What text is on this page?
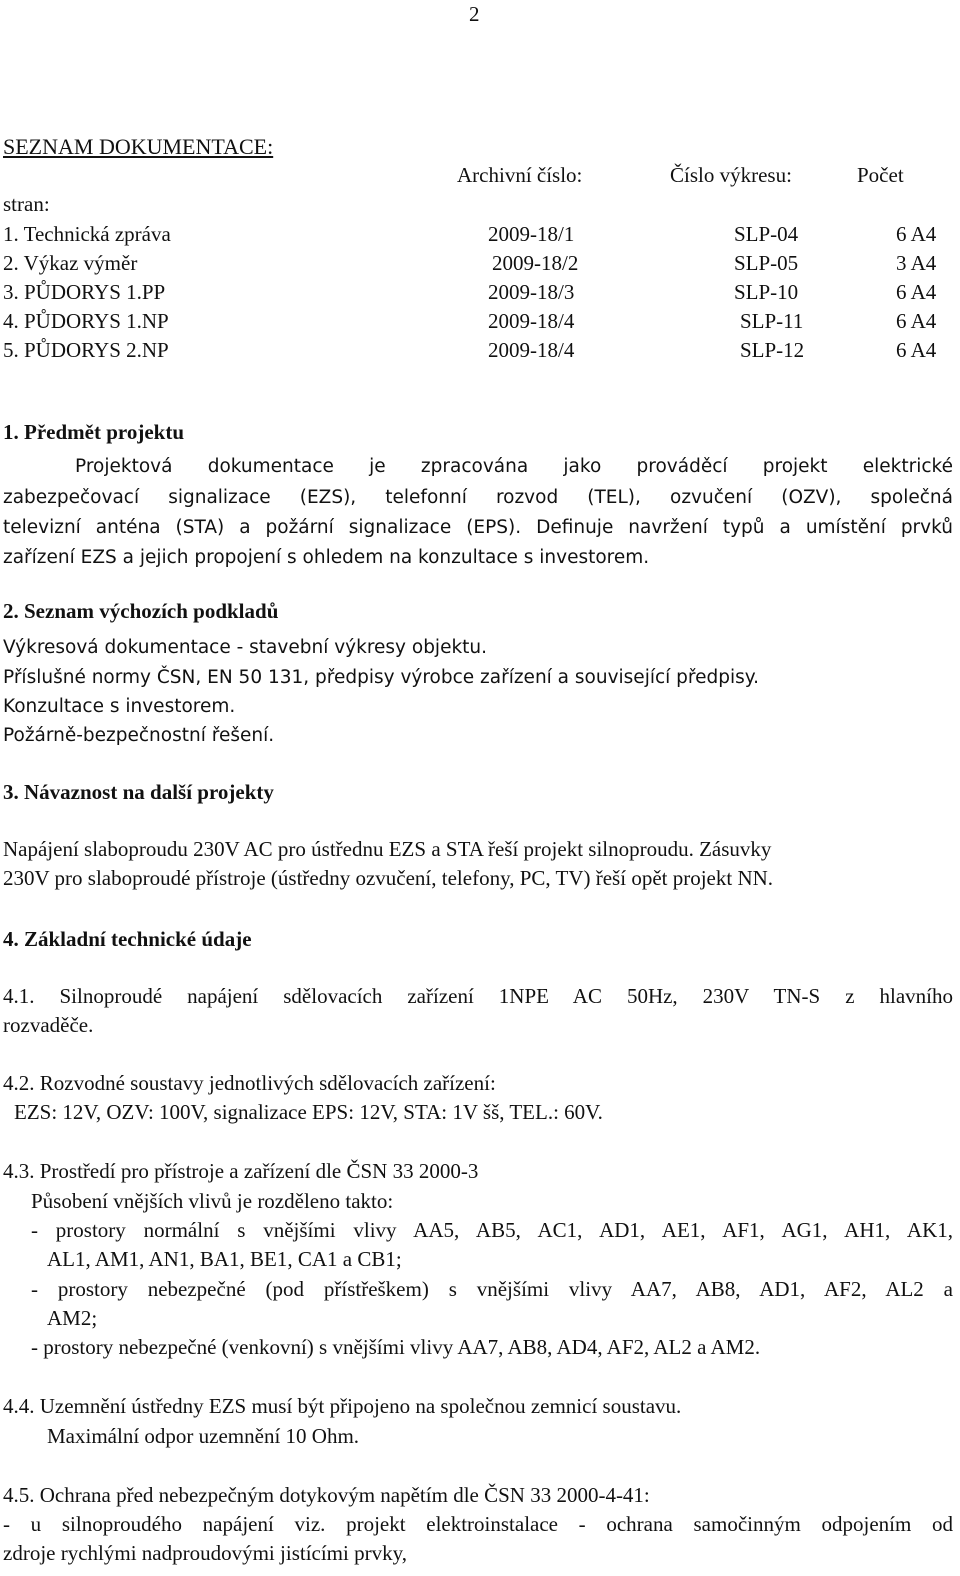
2
SEZNAM DOKUMENTACE:
Archivní číslo:	Číslo výkresu:	Počet
stran:
1. Technická zpráva	2009-18/1	SLP-04	6 A4
2. Výkaz výměr	2009-18/2	SLP-05	3 A4
3. PŮDORYS 1.PP	2009-18/3	SLP-10	6 A4
4. PŮDORYS 1.NP	2009-18/4	SLP-11	6 A4
5. PŮDORYS 2.NP	2009-18/4	SLP-12	6 A4
1. Předmět projektu
Projektová dokumentace je zpracována jako prováděcí projekt elektrické
zabezpečovací signalizace (EZS), telefonní rozvod (TEL), ozvučení (OZV), společná
televizní anténa (STA) a požární signalizace (EPS). Definuje navržení typů a umístění prvků
zařízení EZS a jejich propojení s ohledem na konzultace s investorem.
2. Seznam výchozích podkladů
Výkresová dokumentace - stavební výkresy objektu.
Příslušné normy ČSN, EN 50 131, předpisy výrobce zařízení a související předpisy.
Konzultace s investorem.
Požárně-bezpečnostní řešení.
3. Návaznost na další projekty
Napájení slaboproudu 230V AC pro ústřednu EZS a STA řeší projekt silnoproudu. Zásuvky
230V pro slaboproudé přístroje (ústředny ozvučení, telefony, PC, TV) řeší opět projekt NN.
4. Základní technické údaje
4.1. Silnoproudé napájení sdělovacích zařízení 1NPE AC 50Hz, 230V TN-S z hlavního
rozvaděče.
4.2. Rozvodné soustavy jednotlivých sdělovacích zařízení:
EZS: 12V, OZV: 100V, signalizace EPS: 12V, STA: 1V šš, TEL.: 60V.
4.3. Prostředí pro přístroje a zařízení dle ČSN 33 2000-3
Působení vnějších vlivů je rozděleno takto:
- prostory normální s vnějšími vlivy AA5, AB5, AC1, AD1, AE1, AF1, AG1, AH1, AK1,
AL1, AM1, AN1, BA1, BE1, CA1 a CB1;
- prostory nebezpečné (pod přístřeškem) s vnějšími vlivy AA7, AB8, AD1, AF2, AL2 a
AM2;
- prostory nebezpečné (venkovní) s vnějšími vlivy AA7, AB8, AD4, AF2, AL2 a AM2.
4.4. Uzemnění ústředny EZS musí být připojeno na společnou zemnicí soustavu.
Maximální odpor uzemnění 10 Ohm.
4.5. Ochrana před nebezpečným dotykovým napětím dle ČSN 33 2000-4-41:
- u silnoproudého napájení viz. projekt elektroinstalace - ochrana samočinným odpojením od
zdroje rychlými nadproudovými jistícími prvky,
